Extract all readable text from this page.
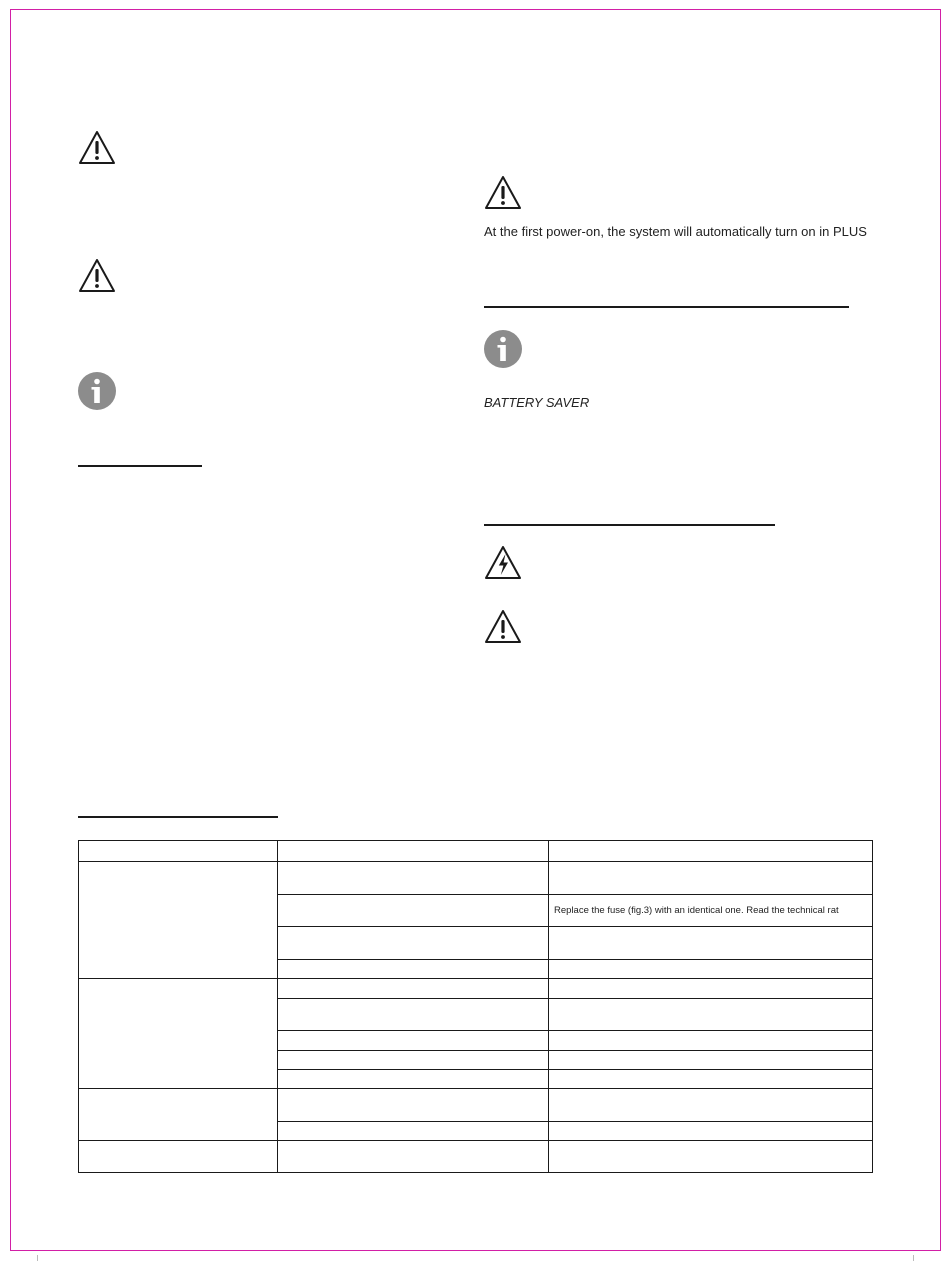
At the first power-on, the system will automatically turn on in PLUS

BATTERY SAVER

		Replace the fuse (fig.3) with an identical one. Read the technical rat
